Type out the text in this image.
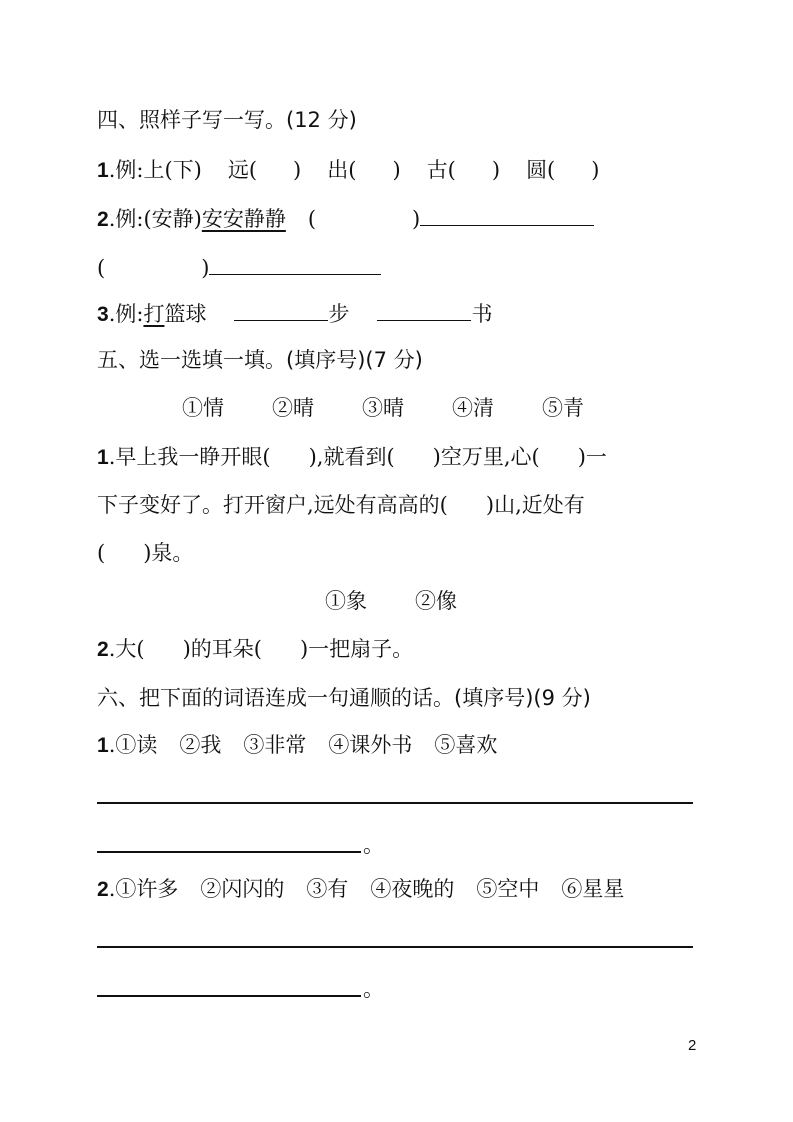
四、照样子写一写。(12 分)
1.例:上(下) 远( ) 出( ) 古( ) 圆( )
2.例:(安静)安安静静 (	)
(	)
3.例:打篮球	步	书
五、选一选填一填。(填序号)(7 分)
①情 ②晴 ③晴 ④清 ⑤青
1.早上我一睁开眼( ),就看到( )空万里,心( )一
下子变好了。打开窗户,远处有高高的( )山,近处有
( )泉。
①象 ②像
2.大( )的耳朵( )一把扇子。
六、把下面的词语连成一句通顺的话。(填序号)(9 分)
1.①读 ②我 ③非常 ④课外书 ⑤喜欢
。
2.①许多 ②闪闪的 ③有 ④夜晚的 ⑤空中 ⑥星星
。
2
